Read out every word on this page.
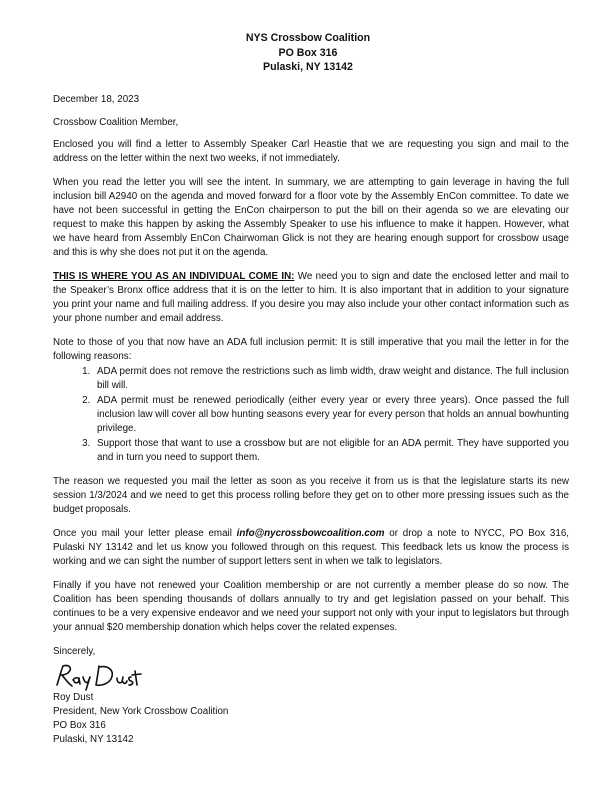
NYS Crossbow Coalition
PO Box 316
Pulaski, NY 13142

December 18, 2023

Crossbow Coalition Member,

Enclosed you will find a letter to Assembly Speaker Carl Heastie that we are requesting you sign and mail to the address on the letter within the next two weeks, if not immediately.

When you read the letter you will see the intent. In summary, we are attempting to gain leverage in having the full inclusion bill A2940 on the agenda and moved forward for a floor vote by the Assembly EnCon committee. To date we have not been successful in getting the EnCon chairperson to put the bill on their agenda so we are elevating our request to make this happen by asking the Assembly Speaker to use his influence to make it happen. However, what we have heard from Assembly EnCon Chairwoman Glick is not they are hearing enough support for crossbow usage and this is why she does not put it on the agenda.

THIS IS WHERE YOU AS AN INDIVIDUAL COME IN: We need you to sign and date the enclosed letter and mail to the Speaker’s Bronx office address that it is on the letter to him. It is also important that in addition to your signature you print your name and full mailing address. If you desire you may also include your other contact information such as your phone number and email address.

Note to those of you that now have an ADA full inclusion permit: It is still imperative that you mail the letter in for the following reasons:

1. ADA permit does not remove the restrictions such as limb width, draw weight and distance. The full inclusion bill will.
2. ADA permit must be renewed periodically (either every year or every three years). Once passed the full inclusion law will cover all bow hunting seasons every year for every person that holds an annual bowhunting privilege.
3. Support those that want to use a crossbow but are not eligible for an ADA permit. They have supported you and in turn you need to support them.

The reason we requested you mail the letter as soon as you receive it from us is that the legislature starts its new session 1/3/2024 and we need to get this process rolling before they get on to other more pressing issues such as the budget proposals.

Once you mail your letter please email info@nycrossbowcoalition.com or drop a note to NYCC, PO Box 316, Pulaski NY 13142 and let us know you followed through on this request. This feedback lets us know the process is working and we can sight the number of support letters sent in when we talk to legislators.

Finally if you have not renewed your Coalition membership or are not currently a member please do so now. The Coalition has been spending thousands of dollars annually to try and get legislation passed on your behalf. This continues to be a very expensive endeavor and we need your support not only with your input to legislators but through your annual $20 membership donation which helps cover the related expenses.

Sincerely,

Roy Dust
President, New York Crossbow Coalition
PO Box 316
Pulaski, NY 13142
